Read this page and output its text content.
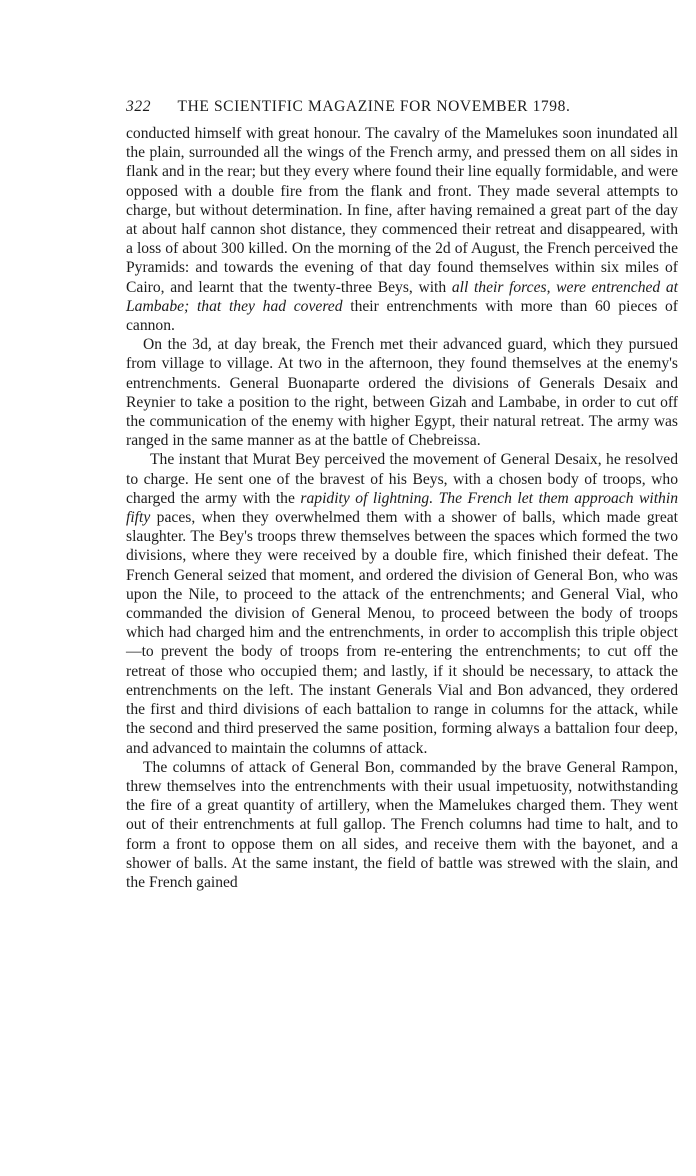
322 THE SCIENTIFIC MAGAZINE FOR NOVEMBER 1798.

conducted himself with great honour. The cavalry of the Mamelukes soon inundated all the plain, surrounded all the wings of the French army, and pressed them on all sides in flank and in the rear; but they every where found their line equally formidable, and were opposed with a double fire from the flank and front. They made several attempts to charge, but without determination. In fine, after having remained a great part of the day at about half cannon shot distance, they commenced their retreat and disappeared, with a loss of about 300 killed. On the morning of the 2d of August, the French perceived the Pyramids: and towards the evening of that day found themselves within six miles of Cairo, and learnt that the twenty-three Beys, with all their forces, were entrenched at Lambabe; that they had covered their entrenchments with more than 60 pieces of cannon.

On the 3d, at day break, the French met their advanced guard, which they pursued from village to village. At two in the afternoon, they found themselves at the enemy's entrenchments. General Buonaparte ordered the divisions of Generals Desaix and Reynier to take a position to the right, between Gizah and Lambabe, in order to cut off the communication of the enemy with higher Egypt, their natural retreat. The army was ranged in the same manner as at the battle of Chebreissa.

The instant that Murat Bey perceived the movement of General Desaix, he resolved to charge. He sent one of the bravest of his Beys, with a chosen body of troops, who charged the army with the rapidity of lightning. The French let them approach within fifty paces, when they overwhelmed them with a shower of balls, which made great slaughter. The Bey's troops threw themselves between the spaces which formed the two divisions, where they were received by a double fire, which finished their defeat. The French General seized that moment, and ordered the division of General Bon, who was upon the Nile, to proceed to the attack of the entrenchments; and General Vial, who commanded the division of General Menou, to proceed between the body of troops which had charged him and the entrenchments, in order to accomplish this triple object—to prevent the body of troops from re-entering the entrenchments; to cut off the retreat of those who occupied them; and lastly, if it should be necessary, to attack the entrenchments on the left. The instant Generals Vial and Bon advanced, they ordered the first and third divisions of each battalion to range in columns for the attack, while the second and third preserved the same position, forming always a battalion four deep, and advanced to maintain the columns of attack.

The columns of attack of General Bon, commanded by the brave General Rampon, threw themselves into the entrenchments with their usual impetuosity, notwithstanding the fire of a great quantity of artillery, when the Mamelukes charged them. They went out of their entrenchments at full gallop. The French columns had time to halt, and to form a front to oppose them on all sides, and receive them with the bayonet, and a shower of balls. At the same instant, the field of battle was strewed with the slain, and the French gained
